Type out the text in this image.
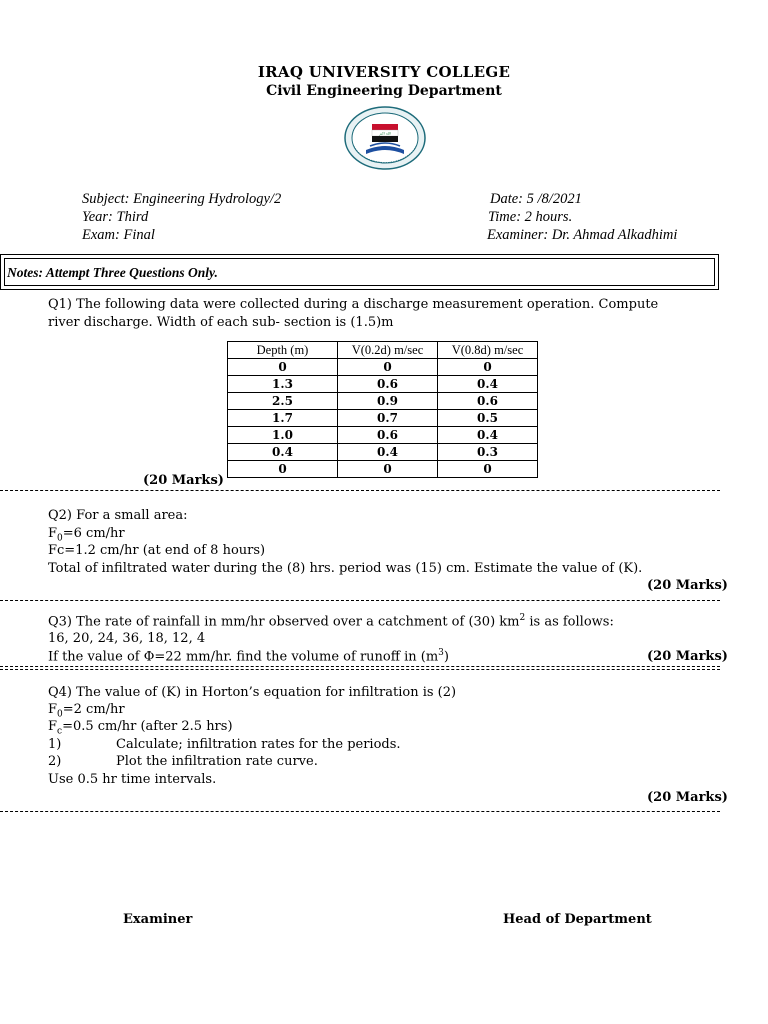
IRAQ UNIVERSITY COLLEGE
Civil Engineering Department
الله اكبر
Subject: Engineering Hydrology/2
Year: Third
Exam: Final
Date: 5 /8/2021
Time: 2 hours.
Examiner: Dr. Ahmad Alkadhimi
Notes: Attempt Three Questions Only.
Q1) The following data were collected during a discharge measurement operation. Compute
river discharge. Width of each sub- section is (1.5)m
Depth (m)	V(0.2d) m/sec	V(0.8d) m/sec
0	0	0
1.3	0.6	0.4
2.5	0.9	0.6
1.7	0.7	0.5
1.0	0.6	0.4
0.4	0.4	0.3
0	0	0
(20 Marks)
Q2) For a small area:
$F_0=6$ cm/hr
Fc=1.2 cm/hr (at end of 8 hours)
Total of infiltrated water during the (8) hrs. period was (15) cm. Estimate the value of (K).
(20 Marks)
Q3) The rate of rainfall in mm/hr observed over a catchment of (30) $km^2$ is as follows:
16, 20, 24, 36, 18, 12, 4
If the value of Φ=22 mm/hr. find the volume of runoff in $(m^3)$	(20 Marks)
Q4) The value of (K) in Horton’s equation for infiltration is (2)
$F_0=2$ cm/hr
$F_c=0.5$ cm/hr (after 2.5 hrs)
1)	Calculate; infiltration rates for the periods.
2)	Plot the infiltration rate curve.
Use 0.5 hr time intervals.
(20 Marks)
Examiner	Head of Department
